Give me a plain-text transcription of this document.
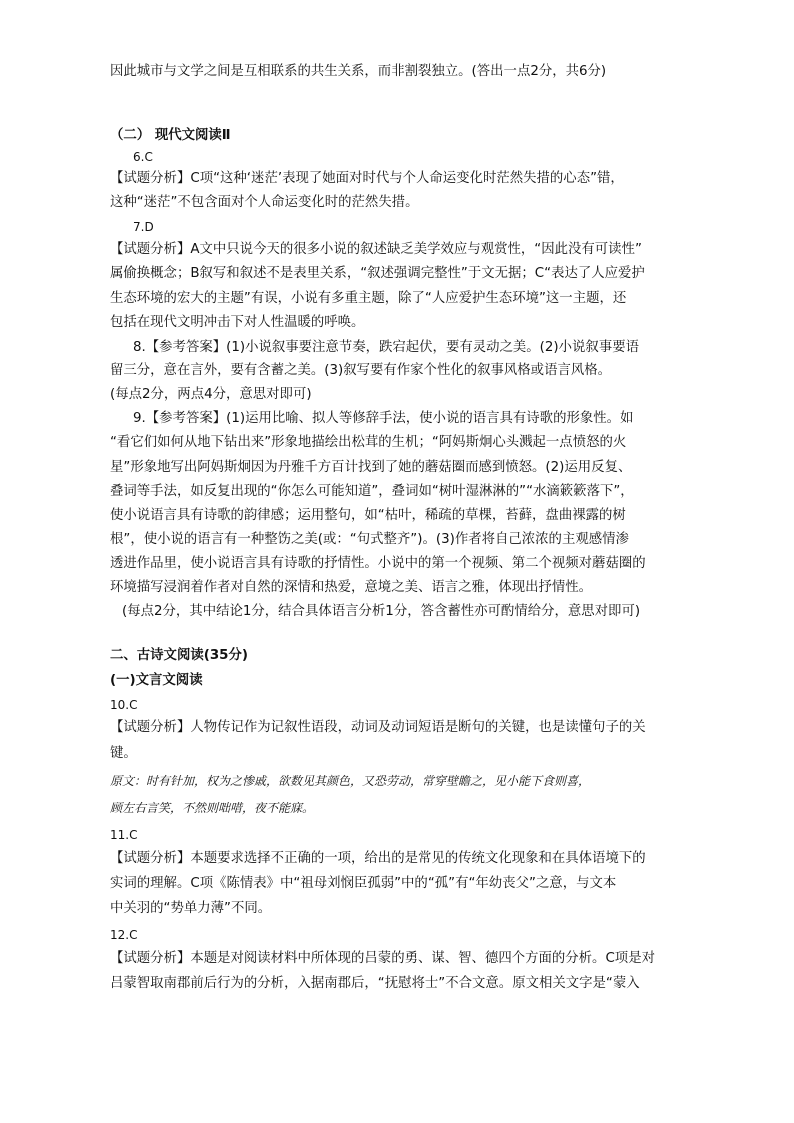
因此城市与文学之间是互相联系的共生关系，而非割裂独立。(答出一点2分，共6分)
（二） 现代文阅读Ⅱ
6.C
【试题分析】C项“这种‘迷茫’表现了她面对时代与个人命运变化时茫然失措的心态”错，
这种“迷茫”不包含面对个人命运变化时的茫然失措。
7.D
【试题分析】A文中只说今天的很多小说的叙述缺乏美学效应与观赏性，“因此没有可读性”
属偷换概念；B叙写和叙述不是表里关系，“叙述强调完整性”于文无据；C“表达了人应爱护
生态环境的宏大的主题”有误，小说有多重主题，除了“人应爱护生态环境”这一主题，还
包括在现代文明冲击下对人性温暖的呼唤。
8.【参考答案】(1)小说叙事要注意节奏，跌宕起伏，要有灵动之美。(2)小说叙事要语
留三分，意在言外，要有含蓄之美。(3)叙写要有作家个性化的叙事风格或语言风格。
(每点2分，两点4分，意思对即可)
9.【参考答案】(1)运用比喻、拟人等修辞手法，使小说的语言具有诗歌的形象性。如
“看它们如何从地下钻出来”形象地描绘出松茸的生机；“阿妈斯炯心头溅起一点愤怒的火
星”形象地写出阿妈斯炯因为丹雅千方百计找到了她的蘑菇圈而感到愤怒。(2)运用反复、
叠词等手法，如反复出现的“你怎么可能知道”，叠词如“树叶湿淋淋的”“水滴簌簌落下”，
使小说语言具有诗歌的韵律感；运用整句，如“枯叶，稀疏的草棵，苔藓，盘曲裸露的树
根”，使小说的语言有一种整饬之美(或：“句式整齐”)。(3)作者将自己浓浓的主观感情渗
透进作品里，使小说语言具有诗歌的抒情性。小说中的第一个视频、第二个视频对蘑菇圈的
环境描写浸润着作者对自然的深情和热爱，意境之美、语言之雅，体现出抒情性。
(每点2分，其中结论1分，结合具体语言分析1分，答含蓄性亦可酌情给分，意思对即可)
二、古诗文阅读(35分)
(一)文言文阅读
10.C
【试题分析】人物传记作为记叙性语段，动词及动词短语是断句的关键，也是读懂句子的关
键。
原文：时有针加，权为之惨戚，欲数见其颜色，又恐劳动，常穿壁瞻之，见小能下食则喜，
顾左右言笑，不然则咄唶，夜不能寐。
11.C
【试题分析】本题要求选择不正确的一项，给出的是常见的传统文化现象和在具体语境下的
实词的理解。C项《陈情表》中“祖母刘悯臣孤弱”中的“孤”有“年幼丧父”之意，与文本
中关羽的“势单力薄”不同。
12.C
【试题分析】本题是对阅读材料中所体现的吕蒙的勇、谋、智、德四个方面的分析。C项是对
吕蒙智取南郡前后行为的分析，入据南郡后，“抚慰将士”不合文意。原文相关文字是“蒙入
